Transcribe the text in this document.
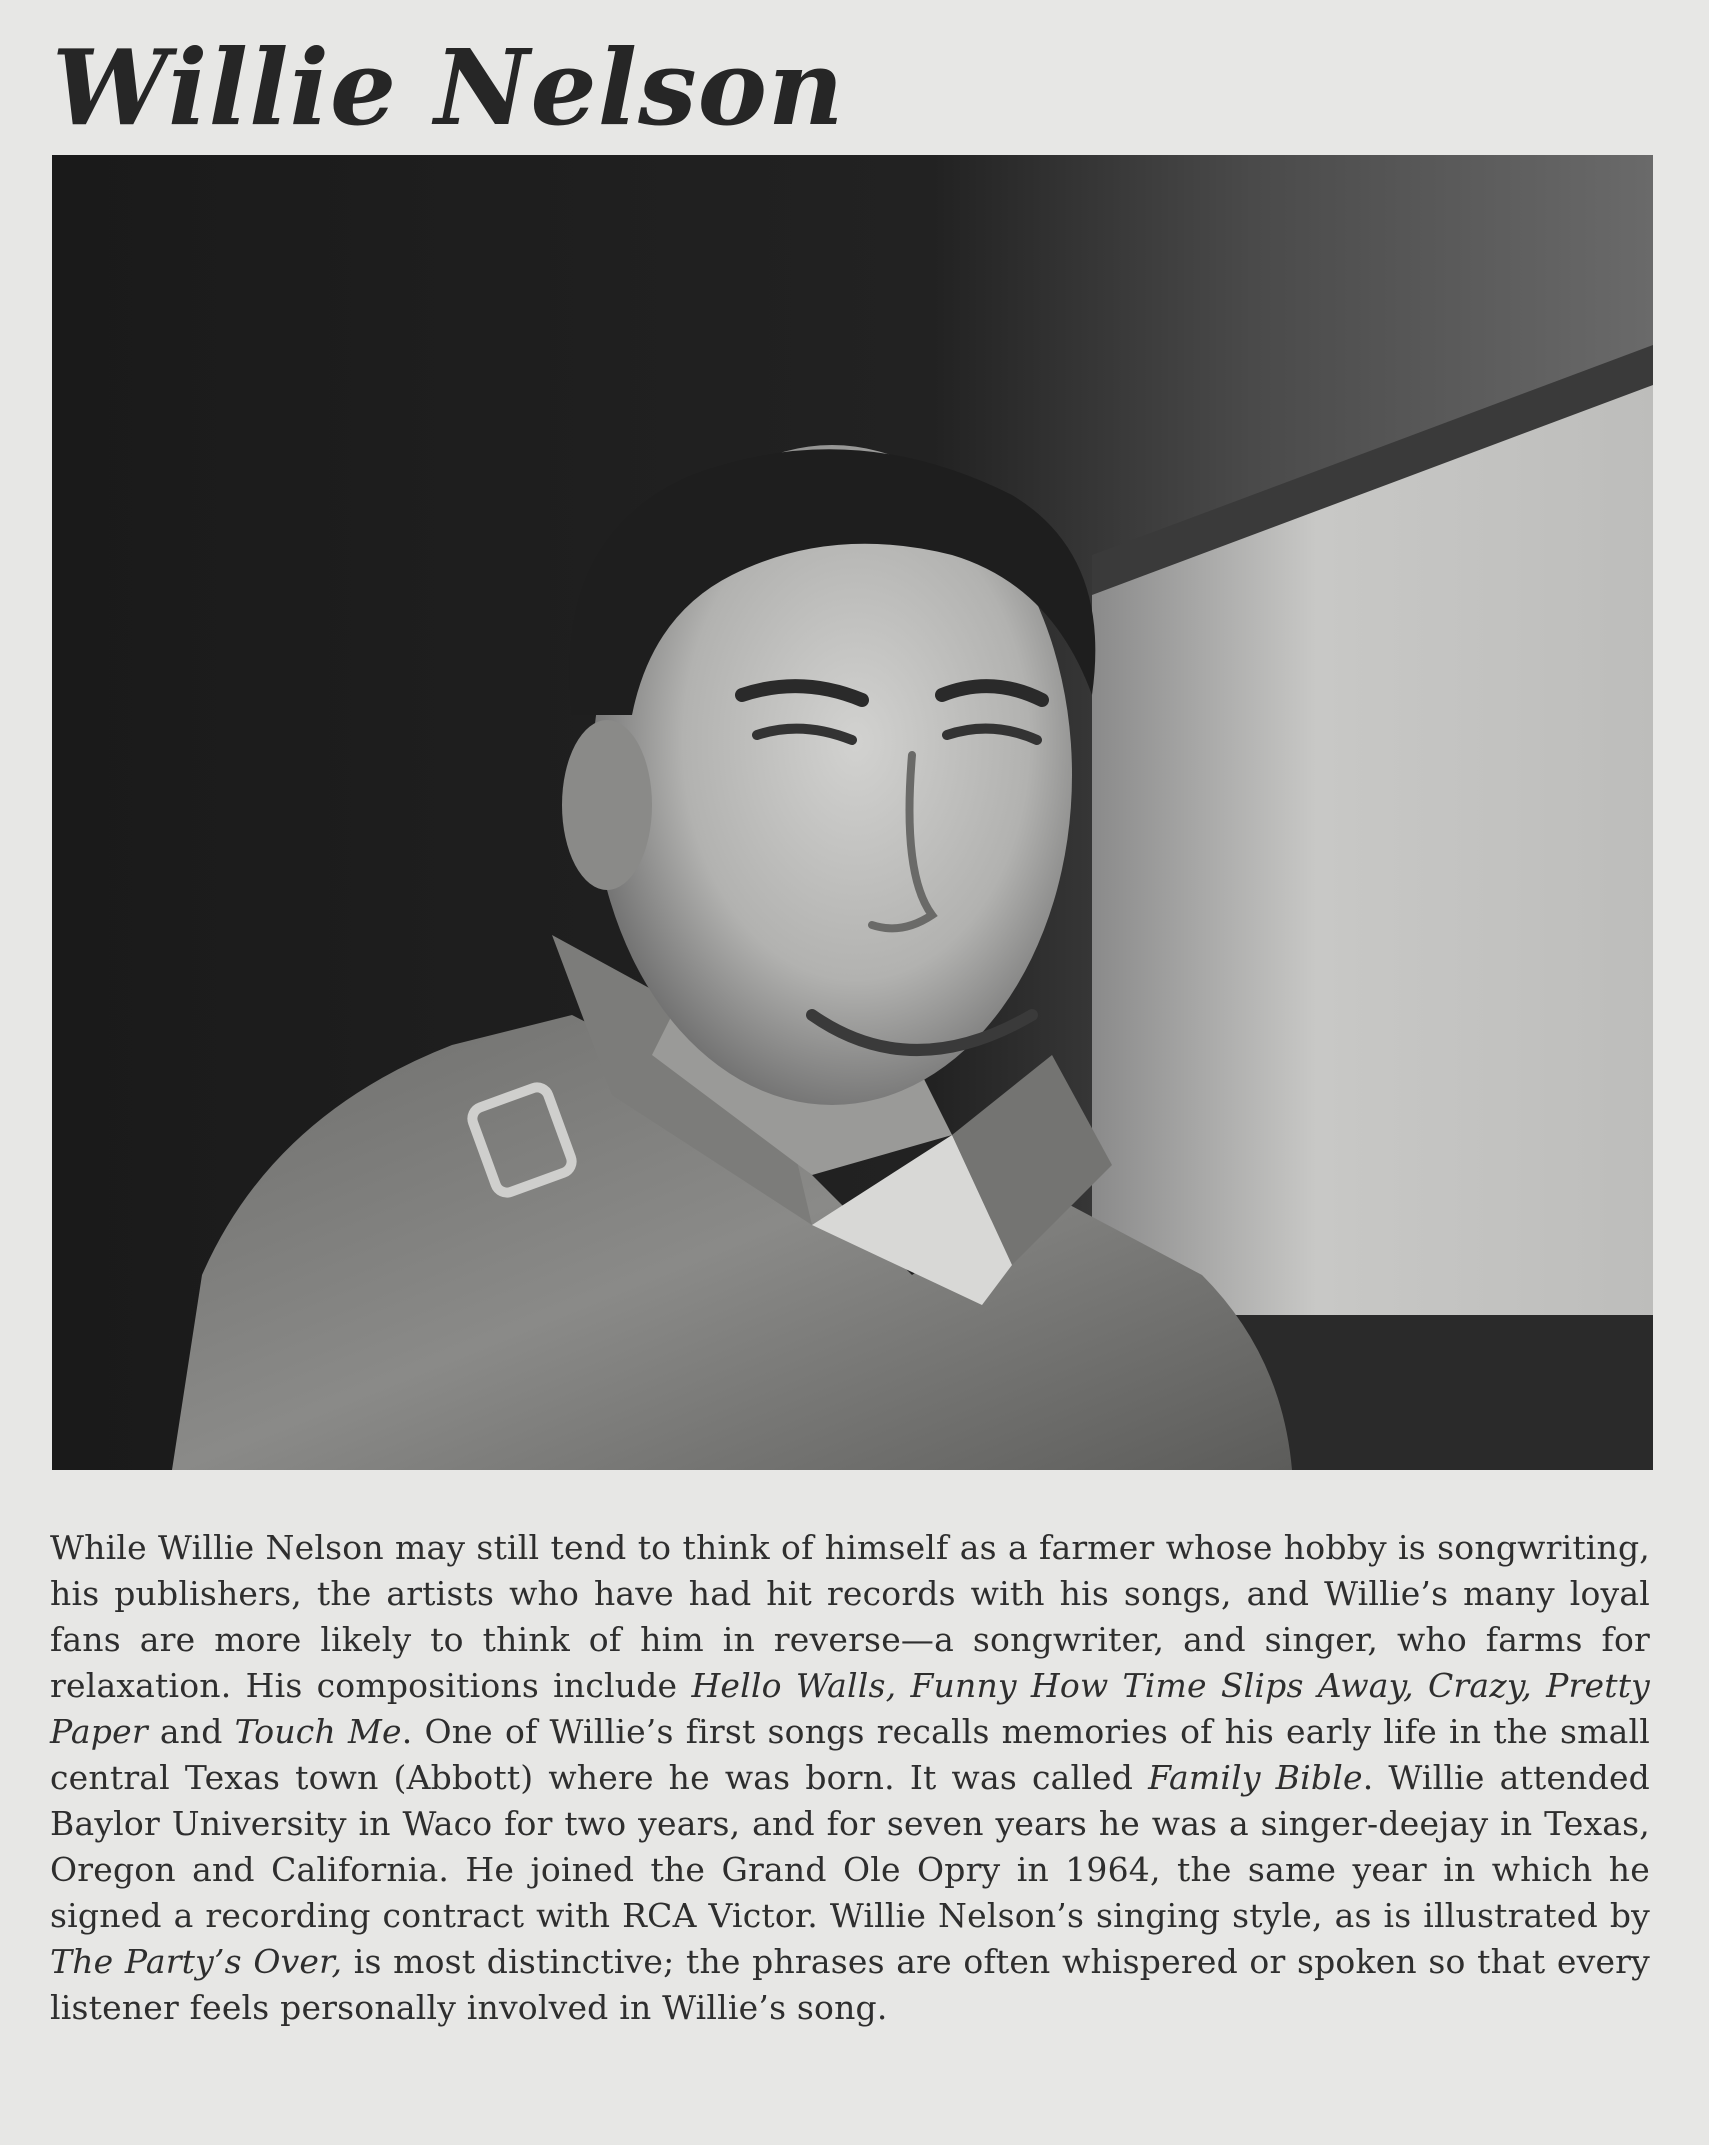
Willie Nelson

While Willie Nelson may still tend to think of himself as a farmer whose hobby is songwriting, his publishers, the artists who have had hit records with his songs, and Willie’s many loyal fans are more likely to think of him in reverse—a songwriter, and singer, who farms for relaxation. His compositions include Hello Walls, Funny How Time Slips Away, Crazy, Pretty Paper and Touch Me. One of Willie’s first songs recalls memories of his early life in the small central Texas town (Abbott) where he was born. It was called Family Bible. Willie attended Baylor University in Waco for two years, and for seven years he was a singer-deejay in Texas, Oregon and California. He joined the Grand Ole Opry in 1964, the same year in which he signed a recording contract with RCA Victor. Willie Nelson’s singing style, as is illustrated by The Party’s Over, is most distinctive; the phrases are often whispered or spoken so that every listener feels personally involved in Willie’s song.
